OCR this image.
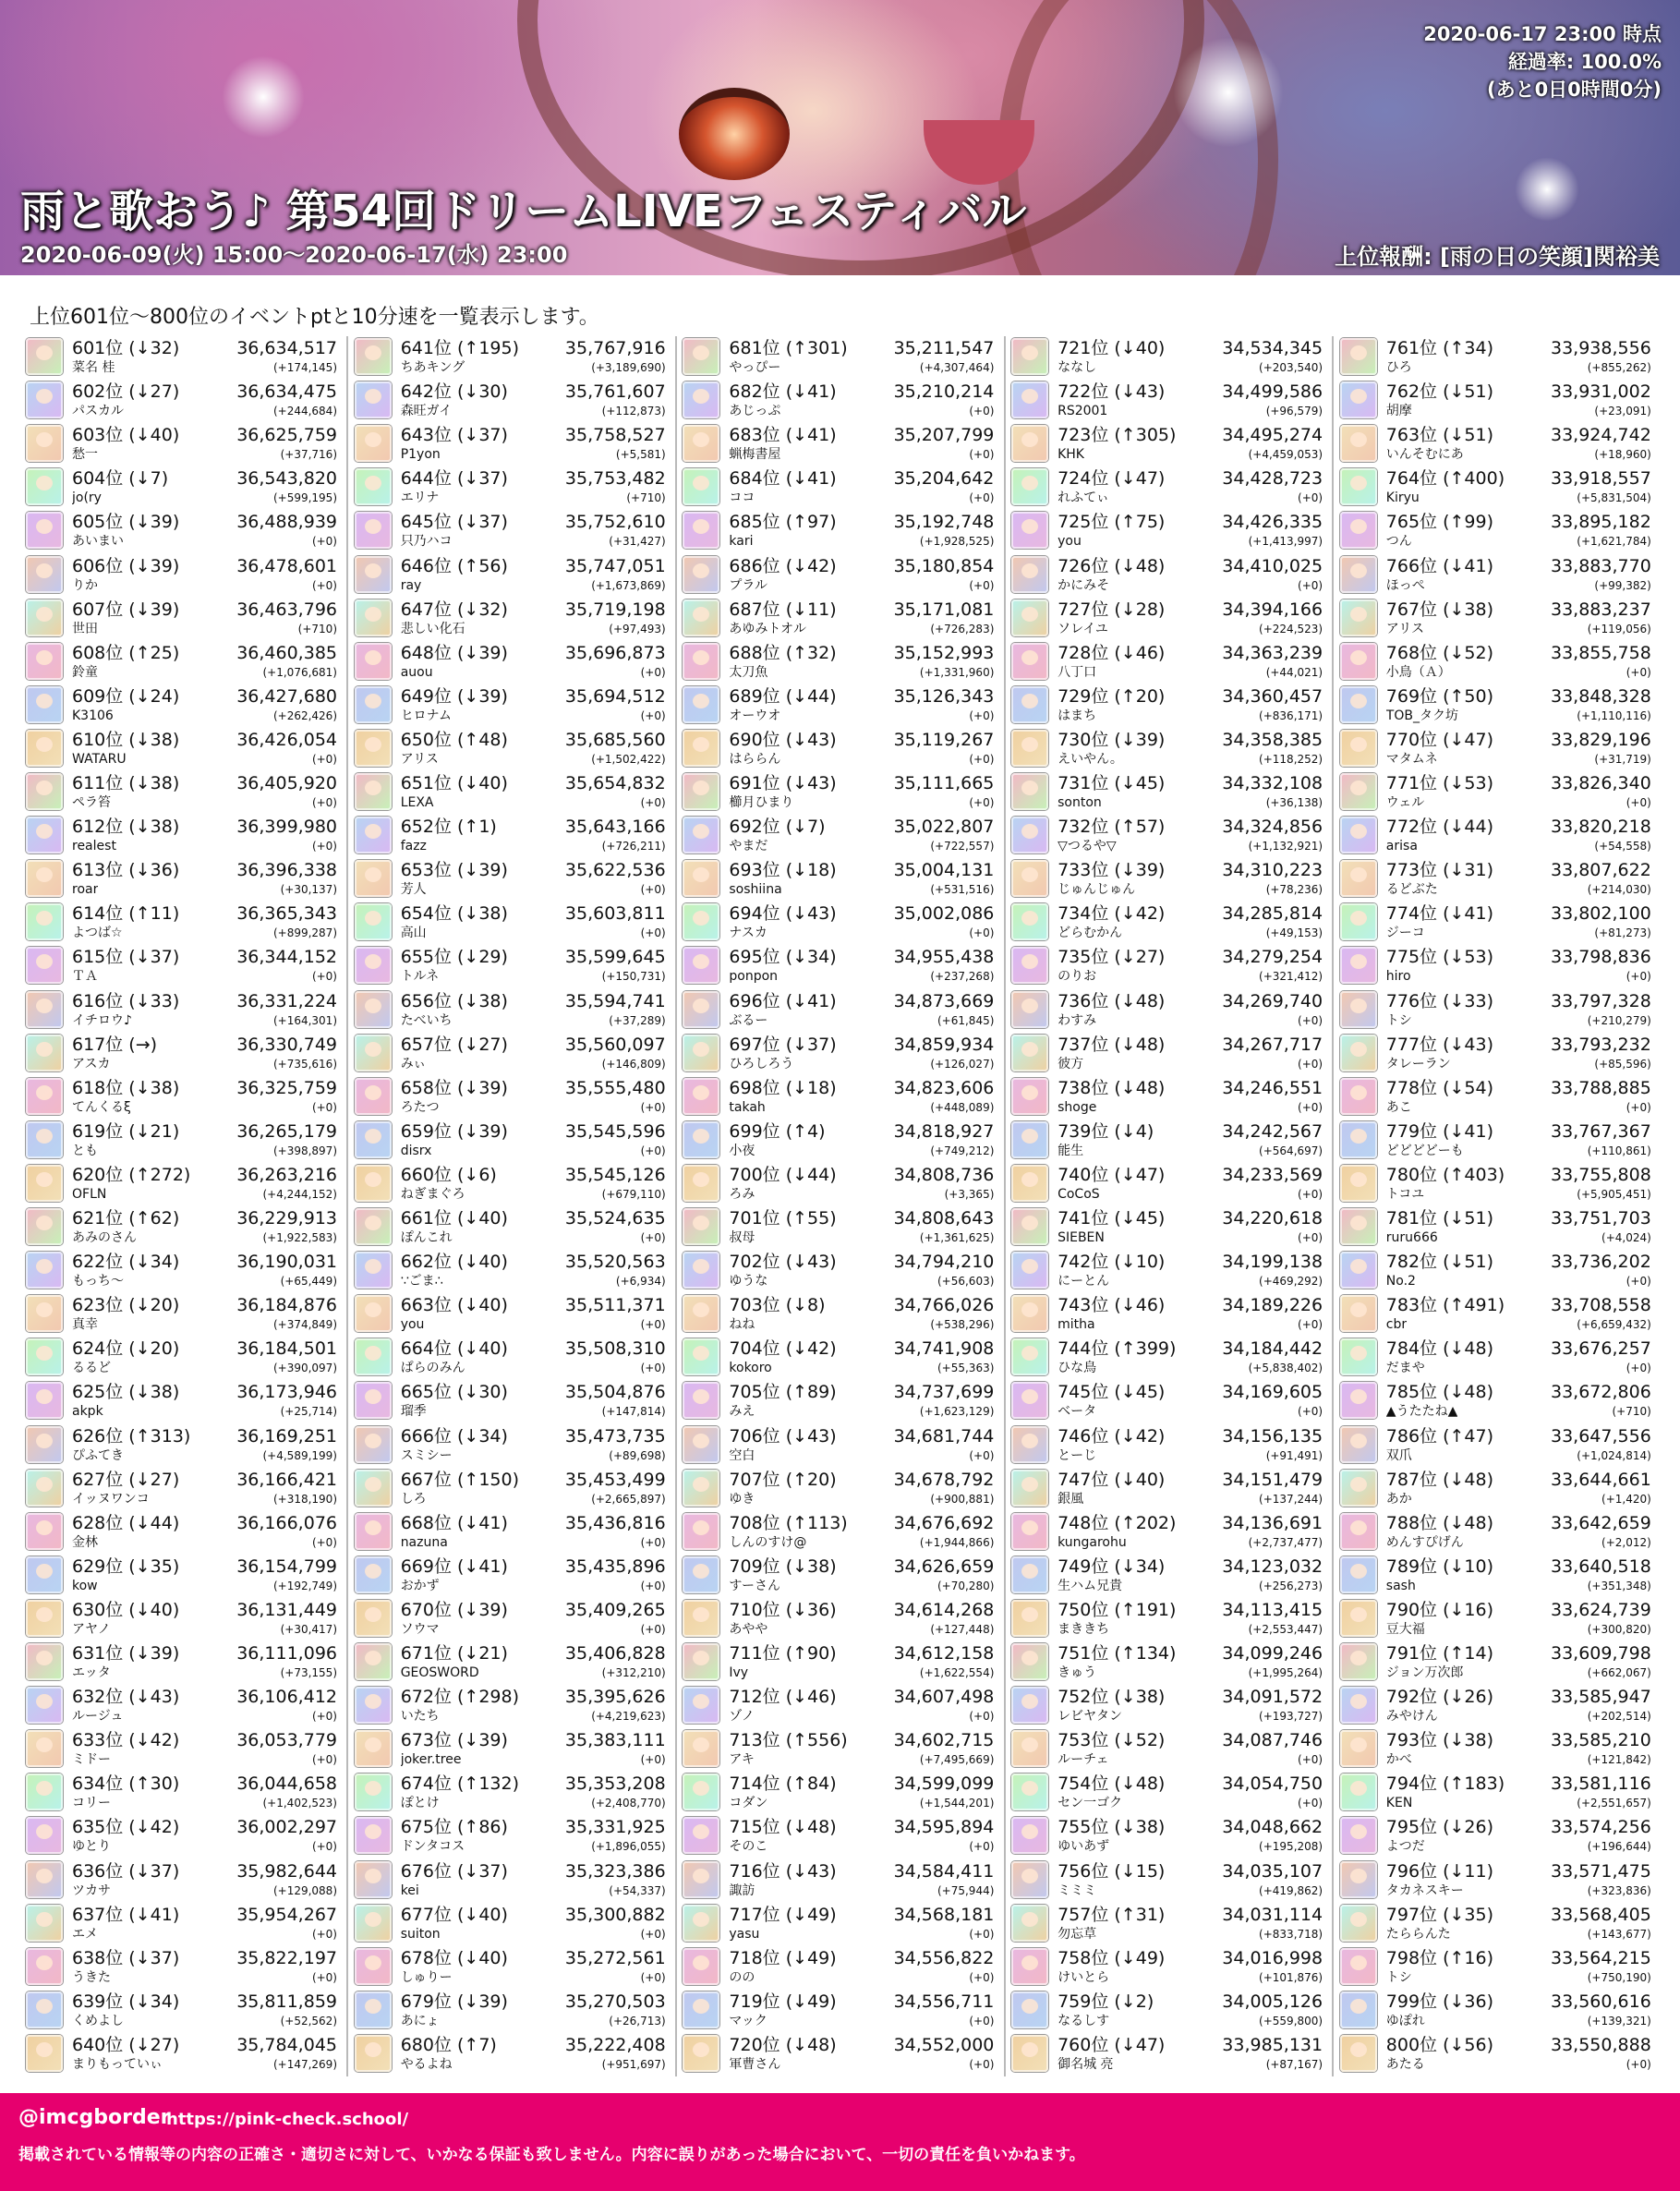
2020-06-17 23:00 時点
経過率: 100.0%
(あと0日0時間0分)
雨と歌おう♪ 第54回ドリームLIVEフェスティバル
2020-06-09(火) 15:00～2020-06-17(水) 23:00	上位報酬: [雨の日の笑顔]関裕美
上位601位～800位のイベントptと10分速を一覧表示します。
601位 (↓32)	36,634,517
菜名 桂	(+174,145)
602位 (↓27)	36,634,475
パスカル	(+244,684)
603位 (↓40)	36,625,759
愁一	(+37,716)
604位 (↓7)	36,543,820
jo(ry	(+599,195)
605位 (↓39)	36,488,939
あいまい	(+0)
606位 (↓39)	36,478,601
りか	(+0)
607位 (↓39)	36,463,796
世田	(+710)
608位 (↑25)	36,460,385
鈴童	(+1,076,681)
609位 (↓24)	36,427,680
K3106	(+262,426)
610位 (↓38)	36,426,054
WATARU	(+0)
611位 (↓38)	36,405,920
ペラ笞	(+0)
612位 (↓38)	36,399,980
realest	(+0)
613位 (↓36)	36,396,338
roar	(+30,137)
614位 (↑11)	36,365,343
よつば☆	(+899,287)
615位 (↓37)	36,344,152
ＴＡ	(+0)
616位 (↓33)	36,331,224
イチロウ♪	(+164,301)
617位 (→)	36,330,749
アスカ	(+735,616)
618位 (↓38)	36,325,759
てんくるξ	(+0)
619位 (↓21)	36,265,179
とも	(+398,897)
620位 (↑272)	36,263,216
OFLN	(+4,244,152)
621位 (↑62)	36,229,913
あみのさん	(+1,922,583)
622位 (↓34)	36,190,031
もっち～	(+65,449)
623位 (↓20)	36,184,876
真幸	(+374,849)
624位 (↓20)	36,184,501
るるど	(+390,097)
625位 (↓38)	36,173,946
akpk	(+25,714)
626位 (↑313)	36,169,251
ぴふてき	(+4,589,199)
627位 (↓27)	36,166,421
イッヌワンコ	(+318,190)
628位 (↓44)	36,166,076
金林	(+0)
629位 (↓35)	36,154,799
kow	(+192,749)
630位 (↓40)	36,131,449
アヤノ	(+30,417)
631位 (↓39)	36,111,096
エッタ	(+73,155)
632位 (↓43)	36,106,412
ルージュ	(+0)
633位 (↓42)	36,053,779
ミドー	(+0)
634位 (↑30)	36,044,658
コリー	(+1,402,523)
635位 (↓42)	36,002,297
ゆとり	(+0)
636位 (↓37)	35,982,644
ツカサ	(+129,088)
637位 (↓41)	35,954,267
エメ	(+0)
638位 (↓37)	35,822,197
うきた	(+0)
639位 (↓34)	35,811,859
くめよし	(+52,562)
640位 (↓27)	35,784,045
まりもっていぃ	(+147,269)
641位 (↑195)	35,767,916
ちあキング	(+3,189,690)
642位 (↓30)	35,761,607
森旺ガイ	(+112,873)
643位 (↓37)	35,758,527
P1yon	(+5,581)
644位 (↓37)	35,753,482
エリナ	(+710)
645位 (↓37)	35,752,610
只乃ハコ	(+31,427)
646位 (↑56)	35,747,051
ray	(+1,673,869)
647位 (↓32)	35,719,198
悲しい化石	(+97,493)
648位 (↓39)	35,696,873
auou	(+0)
649位 (↓39)	35,694,512
ヒロナム	(+0)
650位 (↑48)	35,685,560
アリス	(+1,502,422)
651位 (↓40)	35,654,832
LEXA	(+0)
652位 (↑1)	35,643,166
fazz	(+726,211)
653位 (↓39)	35,622,536
芳人	(+0)
654位 (↓38)	35,603,811
高山	(+0)
655位 (↓29)	35,599,645
トルネ	(+150,731)
656位 (↓38)	35,594,741
たべいち	(+37,289)
657位 (↓27)	35,560,097
みぃ	(+146,809)
658位 (↓39)	35,555,480
ろたつ	(+0)
659位 (↓39)	35,545,596
disrx	(+0)
660位 (↓6)	35,545,126
ねぎまぐろ	(+679,110)
661位 (↓40)	35,524,635
ぽんこれ	(+0)
662位 (↓40)	35,520,563
∵ごま∴	(+6,934)
663位 (↓40)	35,511,371
you	(+0)
664位 (↓40)	35,508,310
ぱらのみん	(+0)
665位 (↓30)	35,504,876
瑠季	(+147,814)
666位 (↓34)	35,473,735
スミシー	(+89,698)
667位 (↑150)	35,453,499
しろ	(+2,665,897)
668位 (↓41)	35,436,816
nazuna	(+0)
669位 (↓41)	35,435,896
おかず	(+0)
670位 (↓39)	35,409,265
ソウマ	(+0)
671位 (↓21)	35,406,828
GEOSWORD	(+312,210)
672位 (↑298)	35,395,626
いたち	(+4,219,623)
673位 (↓39)	35,383,111
joker.tree	(+0)
674位 (↑132)	35,353,208
ぽとけ	(+2,408,770)
675位 (↑86)	35,331,925
ドンタコス	(+1,896,055)
676位 (↓37)	35,323,386
kei	(+54,337)
677位 (↓40)	35,300,882
suiton	(+0)
678位 (↓40)	35,272,561
しゅりー	(+0)
679位 (↓39)	35,270,503
あにょ	(+26,713)
680位 (↑7)	35,222,408
やるよね	(+951,697)
681位 (↑301)	35,211,547
やっぴー	(+4,307,464)
682位 (↓41)	35,210,214
あじっぷ	(+0)
683位 (↓41)	35,207,799
蝋梅書屋	(+0)
684位 (↓41)	35,204,642
ココ	(+0)
685位 (↑97)	35,192,748
kari	(+1,928,525)
686位 (↓42)	35,180,854
プラル	(+0)
687位 (↓11)	35,171,081
あゆみトオル	(+726,283)
688位 (↑32)	35,152,993
太刀魚	(+1,331,960)
689位 (↓44)	35,126,343
オーウオ	(+0)
690位 (↓43)	35,119,267
はららん	(+0)
691位 (↓43)	35,111,665
櫛月ひまり	(+0)
692位 (↓7)	35,022,807
やまだ	(+722,557)
693位 (↓18)	35,004,131
soshiina	(+531,516)
694位 (↓43)	35,002,086
ナスカ	(+0)
695位 (↓34)	34,955,438
ponpon	(+237,268)
696位 (↓41)	34,873,669
ぶるー	(+61,845)
697位 (↓37)	34,859,934
ひろしろう	(+126,027)
698位 (↓18)	34,823,606
takah	(+448,089)
699位 (↑4)	34,818,927
小夜	(+749,212)
700位 (↓44)	34,808,736
ろみ	(+3,365)
701位 (↑55)	34,808,643
叔母	(+1,361,625)
702位 (↓43)	34,794,210
ゆうな	(+56,603)
703位 (↓8)	34,766,026
ねね	(+538,296)
704位 (↓42)	34,741,908
kokoro	(+55,363)
705位 (↑89)	34,737,699
みえ	(+1,623,129)
706位 (↓43)	34,681,744
空白	(+0)
707位 (↑20)	34,678,792
ゆき	(+900,881)
708位 (↑113)	34,676,692
しんのすけ@	(+1,944,866)
709位 (↓38)	34,626,659
すーさん	(+70,280)
710位 (↓36)	34,614,268
あやや	(+127,448)
711位 (↑90)	34,612,158
Ivy	(+1,622,554)
712位 (↓46)	34,607,498
ゾノ	(+0)
713位 (↑556)	34,602,715
アキ	(+7,495,669)
714位 (↑84)	34,599,099
コダン	(+1,544,201)
715位 (↓48)	34,595,894
そのこ	(+0)
716位 (↓43)	34,584,411
諏訪	(+75,944)
717位 (↓49)	34,568,181
yasu	(+0)
718位 (↓49)	34,556,822
のの	(+0)
719位 (↓49)	34,556,711
マック	(+0)
720位 (↓48)	34,552,000
軍曹さん	(+0)
721位 (↓40)	34,534,345
ななし	(+203,540)
722位 (↓43)	34,499,586
RS2001	(+96,579)
723位 (↑305)	34,495,274
KHK	(+4,459,053)
724位 (↓47)	34,428,723
れふてぃ	(+0)
725位 (↑75)	34,426,335
you	(+1,413,997)
726位 (↓48)	34,410,025
かにみそ	(+0)
727位 (↓28)	34,394,166
ソレイユ	(+224,523)
728位 (↓46)	34,363,239
八丁口	(+44,021)
729位 (↑20)	34,360,457
はまち	(+836,171)
730位 (↓39)	34,358,385
えいやん。	(+118,252)
731位 (↓45)	34,332,108
sonton	(+36,138)
732位 (↑57)	34,324,856
▽つるや▽	(+1,132,921)
733位 (↓39)	34,310,223
じゅんじゅん	(+78,236)
734位 (↓42)	34,285,814
どらむかん	(+49,153)
735位 (↓27)	34,279,254
のりお	(+321,412)
736位 (↓48)	34,269,740
わすみ	(+0)
737位 (↓48)	34,267,717
彼方	(+0)
738位 (↓48)	34,246,551
shoge	(+0)
739位 (↓4)	34,242,567
能生	(+564,697)
740位 (↓47)	34,233,569
CoCoS	(+0)
741位 (↓45)	34,220,618
SIEBEN	(+0)
742位 (↓10)	34,199,138
にーとん	(+469,292)
743位 (↓46)	34,189,226
mitha	(+0)
744位 (↑399)	34,184,442
ひな鳥	(+5,838,402)
745位 (↓45)	34,169,605
ベータ	(+0)
746位 (↓42)	34,156,135
とーじ	(+91,491)
747位 (↓40)	34,151,479
銀風	(+137,244)
748位 (↑202)	34,136,691
kungarohu	(+2,737,477)
749位 (↓34)	34,123,032
生ハム兄貴	(+256,273)
750位 (↑191)	34,113,415
まききち	(+2,553,447)
751位 (↑134)	34,099,246
きゅう	(+1,995,264)
752位 (↓38)	34,091,572
レビヤタン	(+193,727)
753位 (↓52)	34,087,746
ルーチェ	(+0)
754位 (↓48)	34,054,750
セン一ゴク	(+0)
755位 (↓38)	34,048,662
ゆいあず	(+195,208)
756位 (↓15)	34,035,107
ミミミ	(+419,862)
757位 (↑31)	34,031,114
勿忘草	(+833,718)
758位 (↓49)	34,016,998
けいとら	(+101,876)
759位 (↓2)	34,005,126
なるしす	(+559,800)
760位 (↓47)	33,985,131
御名城 亮	(+87,167)
761位 (↑34)	33,938,556
ひろ	(+855,262)
762位 (↓51)	33,931,002
胡摩	(+23,091)
763位 (↓51)	33,924,742
いんそむにあ	(+18,960)
764位 (↑400)	33,918,557
Kiryu	(+5,831,504)
765位 (↑99)	33,895,182
つん	(+1,621,784)
766位 (↓41)	33,883,770
ほっぺ	(+99,382)
767位 (↓38)	33,883,237
アリス	(+119,056)
768位 (↓52)	33,855,758
小鳥（Ａ）	(+0)
769位 (↑50)	33,848,328
TOB_タク坊	(+1,110,116)
770位 (↓47)	33,829,196
マタムネ	(+31,719)
771位 (↓53)	33,826,340
ウェル	(+0)
772位 (↓44)	33,820,218
arisa	(+54,558)
773位 (↓31)	33,807,622
るどぶた	(+214,030)
774位 (↓41)	33,802,100
ジーコ	(+81,273)
775位 (↓53)	33,798,836
hiro	(+0)
776位 (↓33)	33,797,328
トシ	(+210,279)
777位 (↓43)	33,793,232
タレーラン	(+85,596)
778位 (↓54)	33,788,885
あこ	(+0)
779位 (↓41)	33,767,367
どどどどーも	(+110,861)
780位 (↑403)	33,755,808
トコユ	(+5,905,451)
781位 (↓51)	33,751,703
ruru666	(+4,024)
782位 (↓51)	33,736,202
No.2	(+0)
783位 (↑491)	33,708,558
cbr	(+6,659,432)
784位 (↓48)	33,676,257
だまや	(+0)
785位 (↓48)	33,672,806
▲うたたね▲	(+710)
786位 (↑47)	33,647,556
双爪	(+1,024,814)
787位 (↓48)	33,644,661
あか	(+1,420)
788位 (↓48)	33,642,659
めんすぴげん	(+2,012)
789位 (↓10)	33,640,518
sash	(+351,348)
790位 (↓16)	33,624,739
豆大福	(+300,820)
791位 (↑14)	33,609,798
ジョン万次郎	(+662,067)
792位 (↓26)	33,585,947
みやけん	(+202,514)
793位 (↓38)	33,585,210
かべ	(+121,842)
794位 (↑183)	33,581,116
KEN	(+2,551,657)
795位 (↓26)	33,574,256
よつだ	(+196,644)
796位 (↓11)	33,571,475
タカネスキー	(+323,836)
797位 (↓35)	33,568,405
たららんた	(+143,677)
798位 (↑16)	33,564,215
トシ	(+750,190)
799位 (↓36)	33,560,616
ゆぽれ	(+139,321)
800位 (↓56)	33,550,888
あたる	(+0)
@imcgborder
https://pink-check.school/
掲載されている情報等の内容の正確さ・適切さに対して、いかなる保証も致しません。内容に誤りがあった場合において、一切の責任を負いかねます。
